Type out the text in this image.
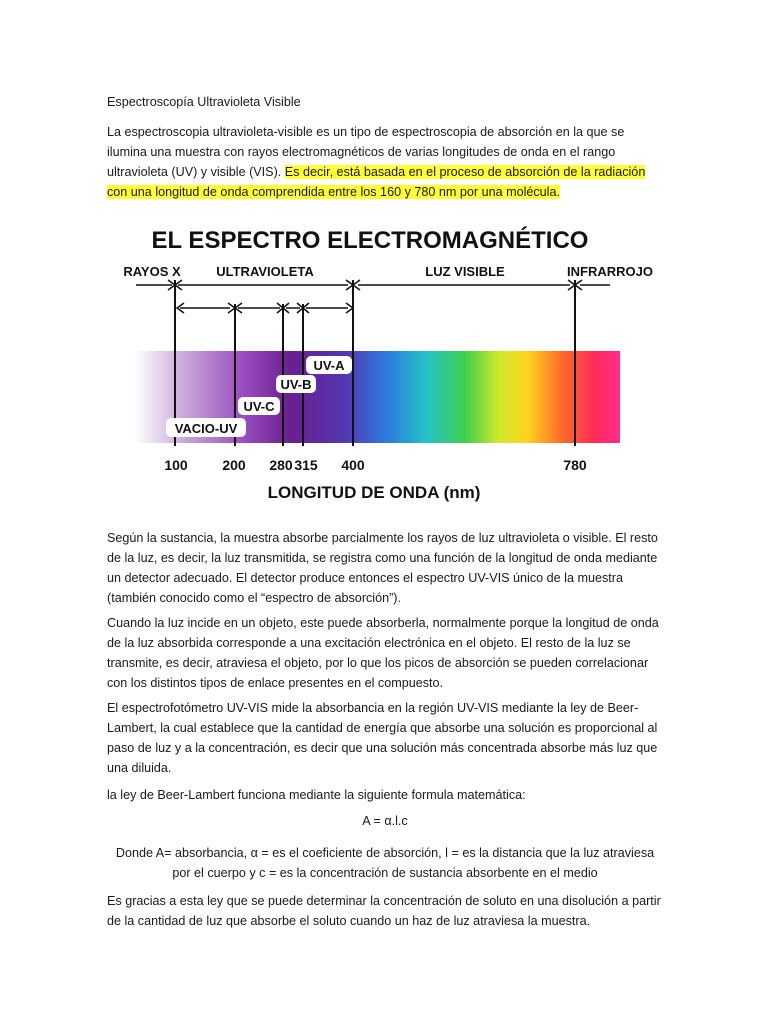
Espectroscopía Ultravioleta Visible
La espectroscopia ultravioleta-visible es un tipo de espectroscopia de absorción en la que se ilumina una muestra con rayos electromagnéticos de varias longitudes de onda en el rango ultravioleta (UV) y visible (VIS). Es decir, está basada en el proceso de absorción de la radiación con una longitud de onda comprendida entre los 160 y 780 nm por una molécula.
EL ESPECTRO ELECTROMAGNÉTICO
RAYOS X	ULTRAVIOLETA	LUZ VISIBLE	INFRARROJO
UV-A
UV-B
UV-C
VACIO-UV
100 200 280 315 400	780
LONGITUD DE ONDA (nm)
Según la sustancia, la muestra absorbe parcialmente los rayos de luz ultravioleta o visible. El resto de la luz, es decir, la luz transmitida, se registra como una función de la longitud de onda mediante un detector adecuado. El detector produce entonces el espectro UV-VIS único de la muestra (también conocido como el “espectro de absorción”).
Cuando la luz incide en un objeto, este puede absorberla, normalmente porque la longitud de onda de la luz absorbida corresponde a una excitación electrónica en el objeto. El resto de la luz se transmite, es decir, atraviesa el objeto, por lo que los picos de absorción se pueden correlacionar con los distintos tipos de enlace presentes en el compuesto.
El espectrofotómetro UV-VIS mide la absorbancia en la región UV-VIS mediante la ley de Beer-Lambert, la cual establece que la cantidad de energía que absorbe una solución es proporcional al paso de luz y a la concentración, es decir que una solución más concentrada absorbe más luz que una diluida.
la ley de Beer-Lambert funciona mediante la siguiente formula matemática:
A = α.l.c
Donde A= absorbancia, α = es el coeficiente de absorción, l = es la distancia que la luz atraviesa por el cuerpo y c = es la concentración de sustancia absorbente en el medio
Es gracias a esta ley que se puede determinar la concentración de soluto en una disolución a partir de la cantidad de luz que absorbe el soluto cuando un haz de luz atraviesa la muestra.
